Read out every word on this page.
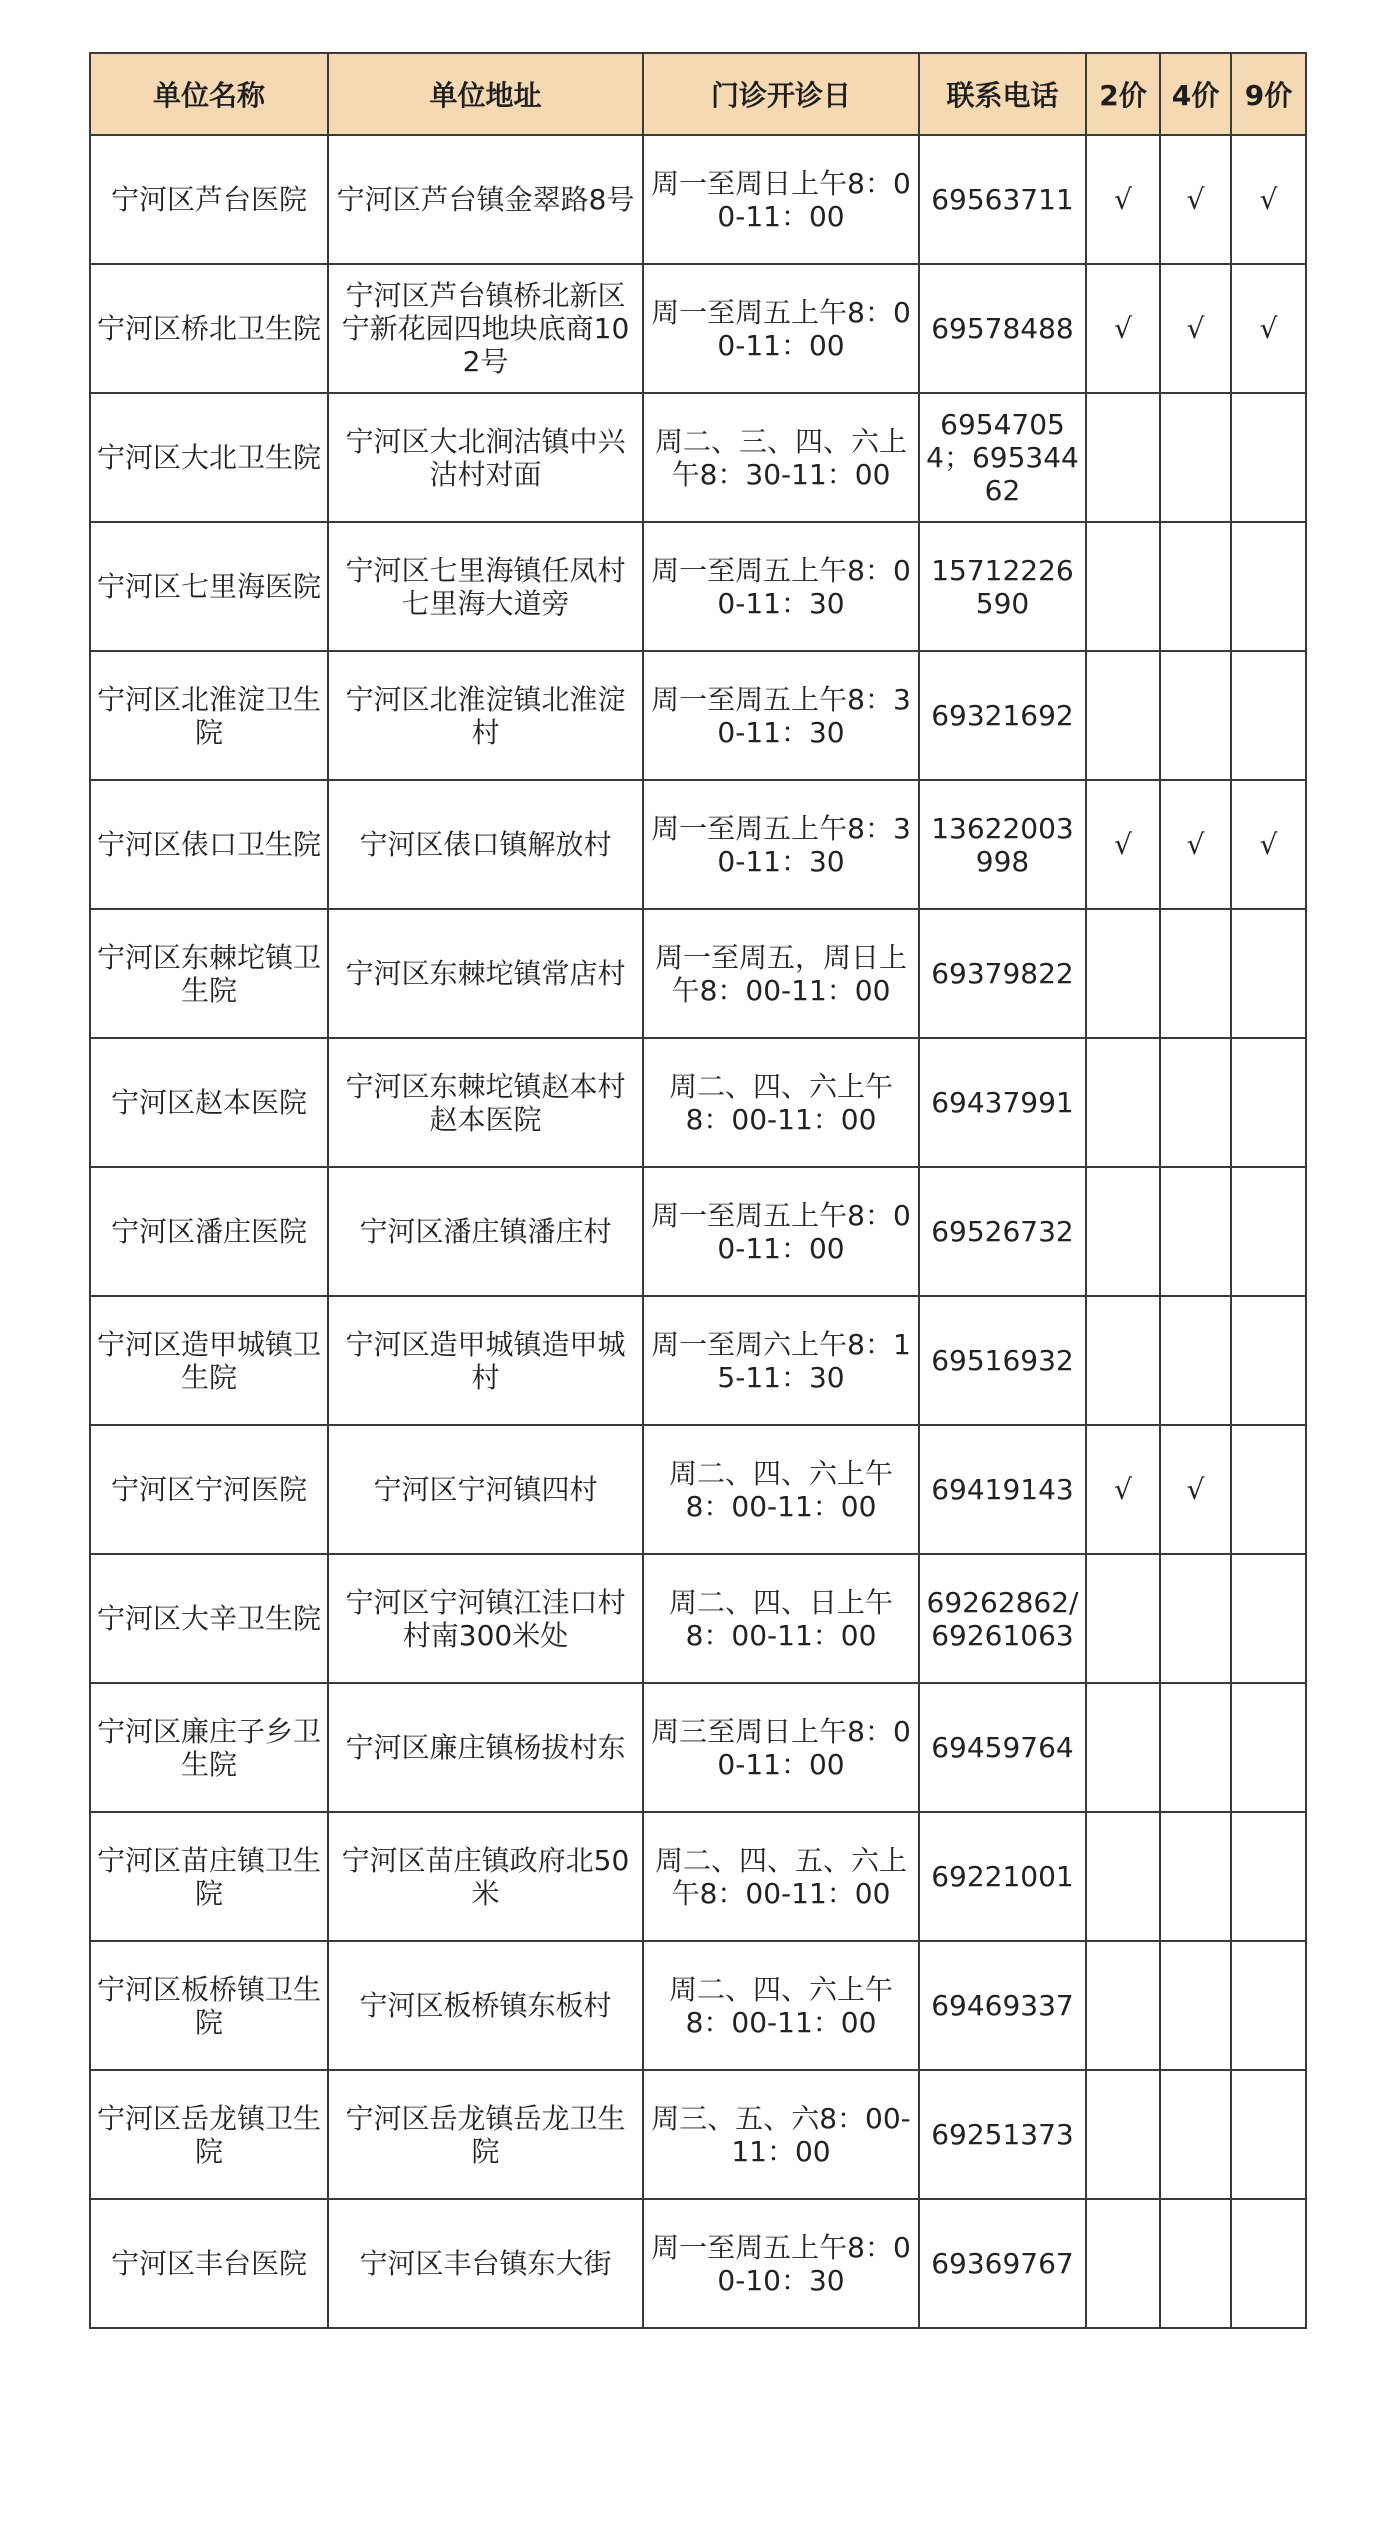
单位名称	单位地址	门诊开诊日	联系电话	2价	4价	9价
宁河区芦台医院	宁河区芦台镇金翠路8号	周一至周日上午8：00-11：00	69563711	√	√	√
宁河区桥北卫生院	宁河区芦台镇桥北新区宁新花园四地块底商102号	周一至周五上午8：00-11：00	69578488	√	√	√
宁河区大北卫生院	宁河区大北涧沽镇中兴沽村对面	周二、三、四、六上午8：30-11：00	69547054；69534462			
宁河区七里海医院	宁河区七里海镇任凤村七里海大道旁	周一至周五上午8：00-11：30	15712226590			
宁河区北淮淀卫生院	宁河区北淮淀镇北淮淀村	周一至周五上午8：30-11：30	69321692			
宁河区俵口卫生院	宁河区俵口镇解放村	周一至周五上午8：30-11：30	13622003998	√	√	√
宁河区东棘坨镇卫生院	宁河区东棘坨镇常店村	周一至周五，周日上午8：00-11：00	69379822			
宁河区赵本医院	宁河区东棘坨镇赵本村赵本医院	周二、四、六上午8：00-11：00	69437991			
宁河区潘庄医院	宁河区潘庄镇潘庄村	周一至周五上午8：00-11：00	69526732			
宁河区造甲城镇卫生院	宁河区造甲城镇造甲城村	周一至周六上午8：15-11：30	69516932			
宁河区宁河医院	宁河区宁河镇四村	周二、四、六上午8：00-11：00	69419143	√	√	
宁河区大辛卫生院	宁河区宁河镇江洼口村村南300米处	周二、四、日上午8：00-11：00	69262862/69261063			
宁河区廉庄子乡卫生院	宁河区廉庄镇杨拔村东	周三至周日上午8：00-11：00	69459764			
宁河区苗庄镇卫生院	宁河区苗庄镇政府北50米	周二、四、五、六上午8：00-11：00	69221001			
宁河区板桥镇卫生院	宁河区板桥镇东板村	周二、四、六上午8：00-11：00	69469337			
宁河区岳龙镇卫生院	宁河区岳龙镇岳龙卫生院	周三、五、六8：00-11：00	69251373			
宁河区丰台医院	宁河区丰台镇东大街	周一至周五上午8：00-10：30	69369767			
